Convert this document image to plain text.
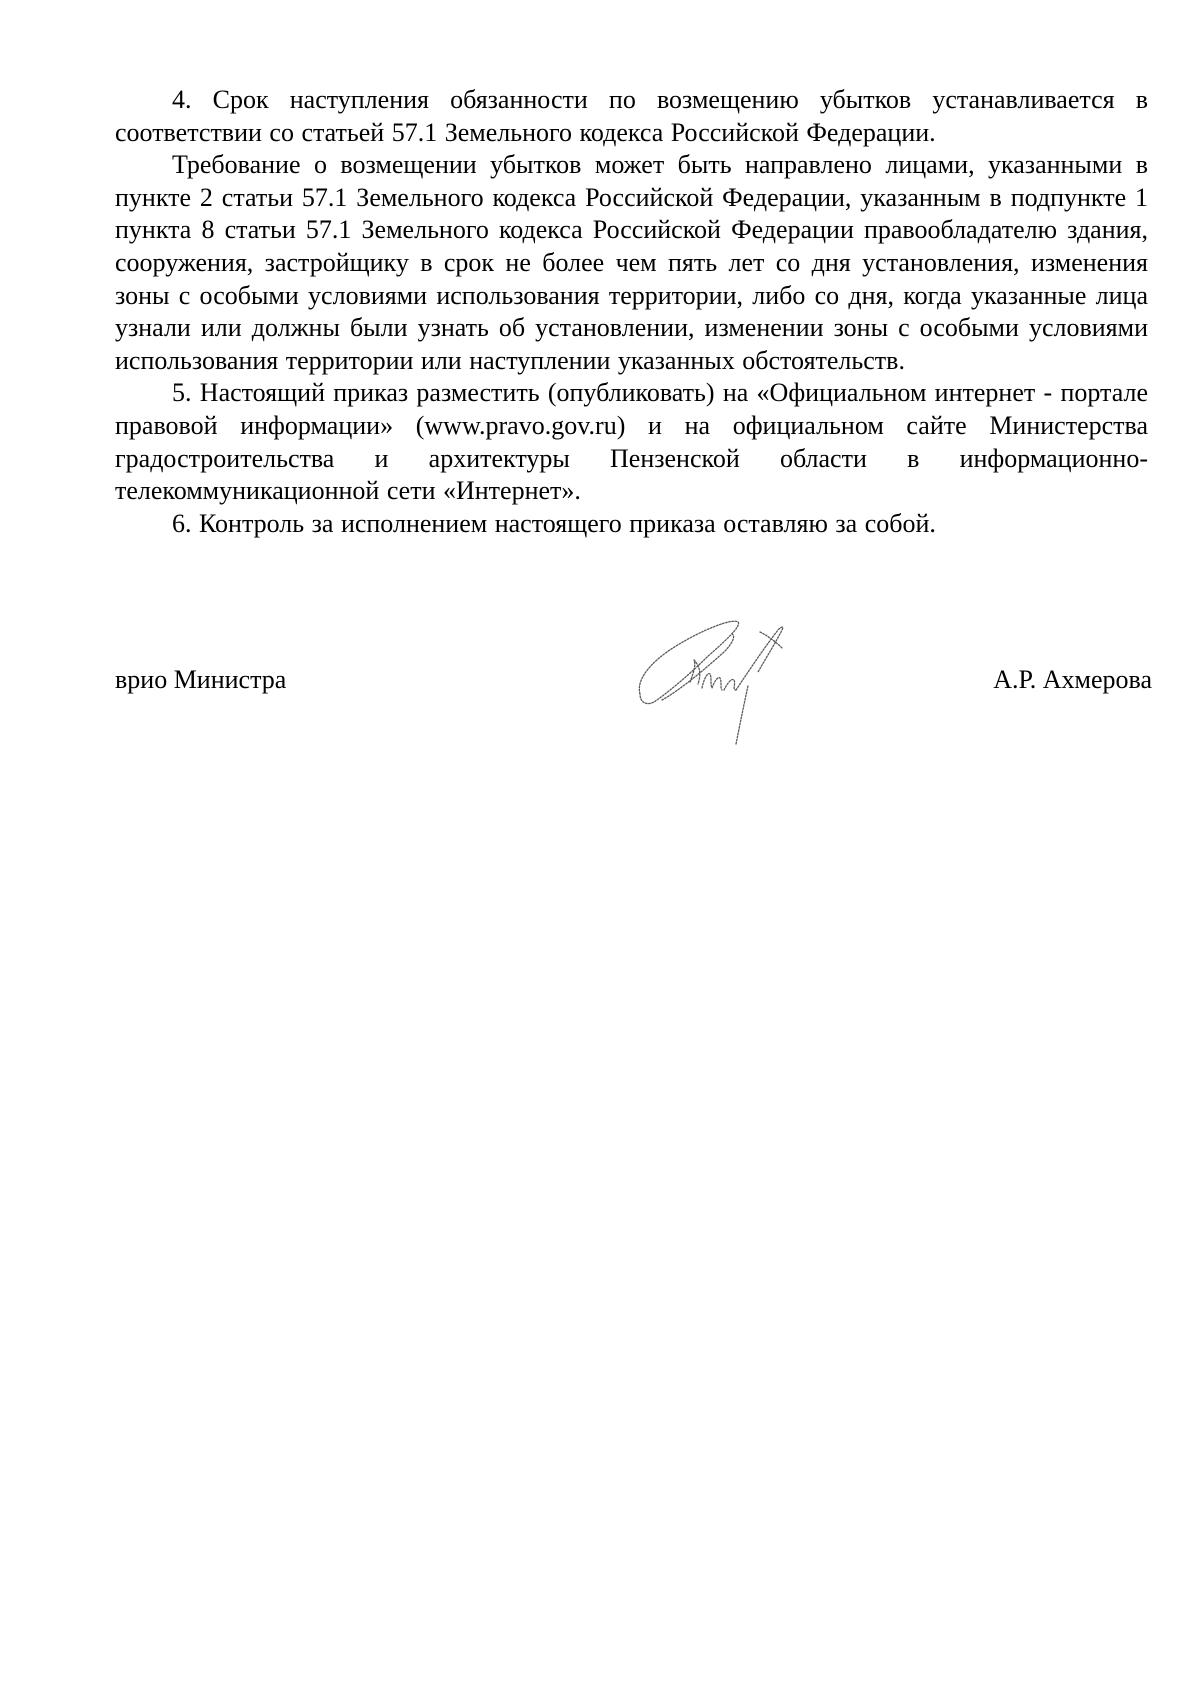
4. Срок наступления обязанности по возмещению убытков устанавливается в соответствии со статьей 57.1 Земельного кодекса Российской Федерации.

Требование о возмещении убытков может быть направлено лицами, указанными в пункте 2 статьи 57.1 Земельного кодекса Российской Федерации, указанным в подпункте 1 пункта 8 статьи 57.1 Земельного кодекса Российской Федерации правообладателю здания, сооружения, застройщику в срок не более чем пять лет со дня установления, изменения зоны с особыми условиями использования территории, либо со дня, когда указанные лица узнали или должны были узнать об установлении, изменении зоны с особыми условиями использования территории или наступлении указанных обстоятельств.

5. Настоящий приказ разместить (опубликовать) на «Официальном интернет - портале правовой информации» (www.pravo.gov.ru) и на официальном сайте Министерства градостроительства и архитектуры Пензенской области в информационно-телекоммуникационной сети «Интернет».

6. Контроль за исполнением настоящего приказа оставляю за собой.

врио Министра	А.Р. Ахмерова
